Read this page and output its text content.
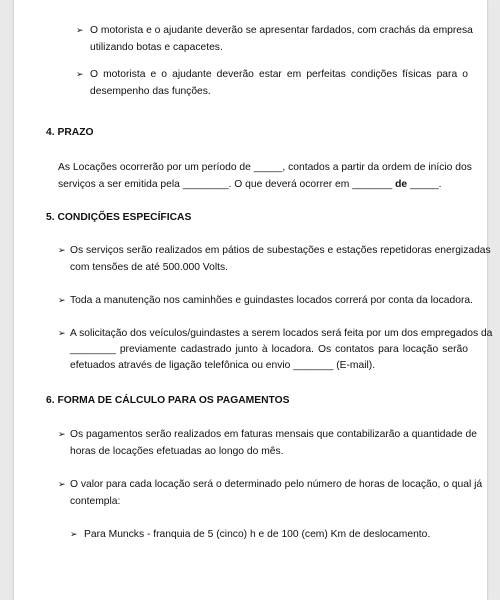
➢ O motorista e o ajudante deverão se apresentar fardados, com crachás da empresa

utilizando botas e capacetes.

➢ O motorista e o ajudante deverão estar em perfeitas condições físicas para o

desempenho das funções.

4. PRAZO

As Locações ocorrerão por um período de _____, contados a partir da ordem de início dos

serviços a ser emitida pela ________. O que deverá ocorrer em _______ de _____.

5. CONDIÇÕES ESPECÍFICAS

➢ Os serviços serão realizados em pátios de subestações e estações repetidoras energizadas

com tensões de até 500.000 Volts.

➢ Toda a manutenção nos caminhões e guindastes locados correrá por conta da locadora.

➢ A solicitação dos veículos/guindastes a serem locados será feita por um dos empregados da

________ previamente cadastrado junto à locadora. Os contatos para locação serão

efetuados através de ligação telefônica ou envio _______ (E-mail).

6. FORMA DE CÁLCULO PARA OS PAGAMENTOS

➢ Os pagamentos serão realizados em faturas mensais que contabilizarão a quantidade de

horas de locações efetuadas ao longo do mês.

➢ O valor para cada locação será o determinado pelo número de horas de locação, o qual já

contempla:

➢ Para Muncks - franquia de 5 (cinco) h e de 100 (cem) Km de deslocamento.
